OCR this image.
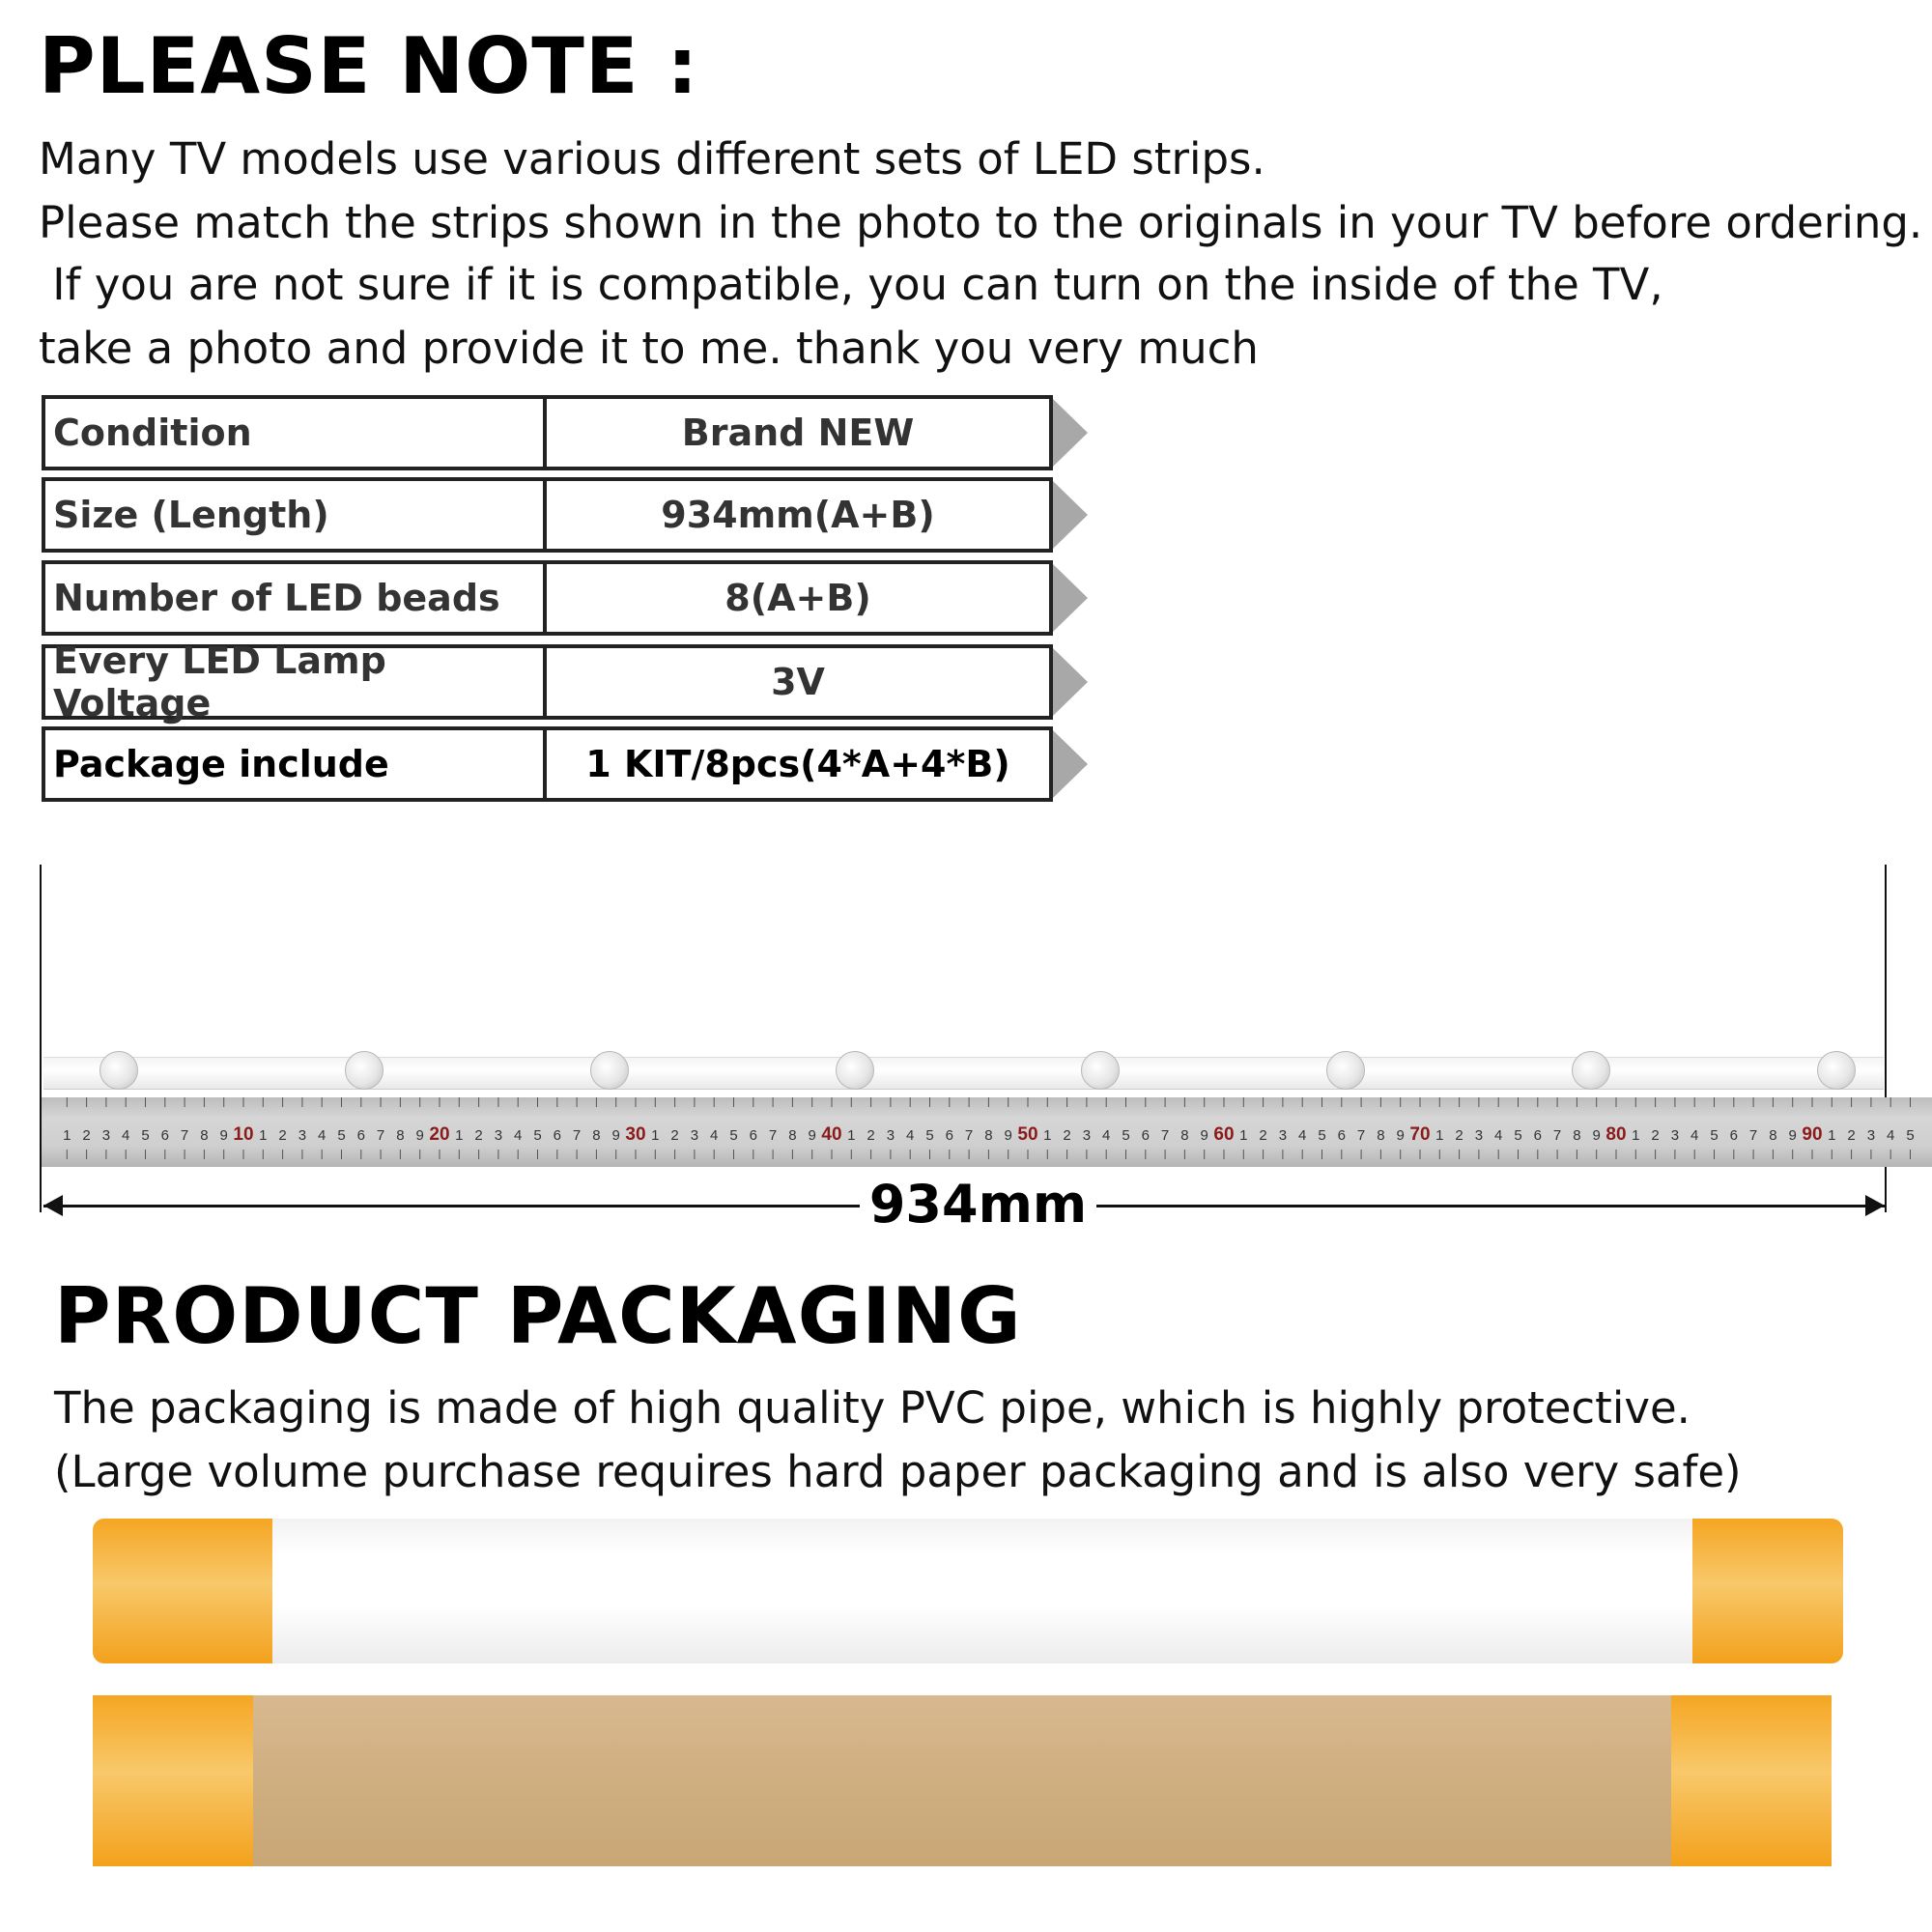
PLEASE NOTE :
Many TV models use various different sets of LED strips.
Please match the strips shown in the photo to the originals in your TV before ordering.
If you are not sure if it is compatible, you can turn on the inside of the TV,
take a photo and provide it to me. thank you very much
Condition	Brand NEW
Size (Length)	934mm(A+B)
Number of LED beads	8(A+B)
Every LED Lamp Voltage	3V
Package include	1 KIT/8pcs(4*A+4*B)
1 2 3 4 5 6 7 8 9 10 1 2 3 4 5 6 7 8 9 20 1 2 3 4 5 6 7 8 9 30 1 2 3 4 5 6 7 8 9 40 1 2 3 4 5 6 7 8 9 50 1 2 3 4 5 6 7 8 9 60 1 2 3 4 5 6 7 8 9 70 1 2 3 4 5 6 7 8 9 80 1 2 3 4 5 6 7 8 9 90 1 2 3 4 5
934mm
PRODUCT PACKAGING
The packaging is made of high quality PVC pipe, which is highly protective.
(Large volume purchase requires hard paper packaging and is also very safe)
